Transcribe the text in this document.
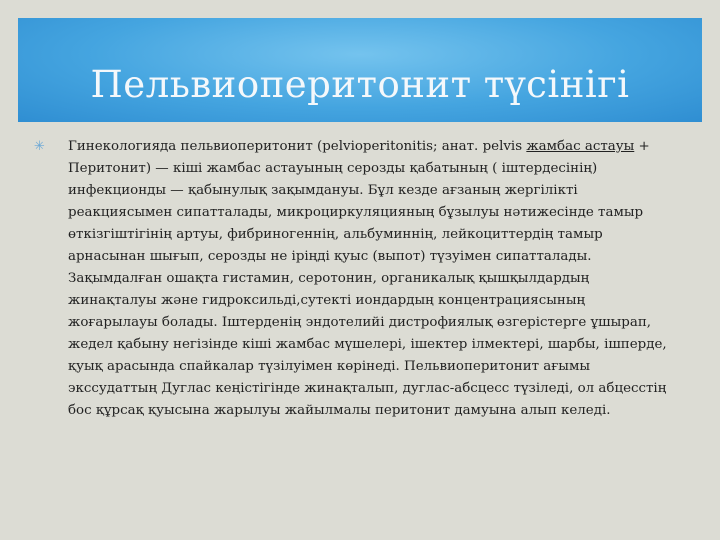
Пельвиоперитонит түсінігі
✳ Гинекологияда пельвиоперитонит (pelvioperitonitis; анат. pelvis жамбас астауы + Перитонит) — кіші жамбас астауының серозды қабатының ( іштердесінің) инфекционды — қабынулық зақымдануы. Бұл кезде ағзаның жергілікті реакциясымен сипатталады, микроциркуляцияның бұзылуы нәтижесінде тамыр өткізгіштігінің артуы, фибриногеннің, альбуминнің, лейкоциттердің тамыр арнасынан шығып, серозды не іріңді қуыс (выпот) түзуімен сипатталады. Зақымдалған ошақта гистамин, серотонин, органикалық қышқылдардың жинақталуы және гидроксильді,сутекті иондардың концентрациясының жоғарылауы болады. Іштерденің эндотелийі дистрофиялық өзгерістерге ұшырап, жедел қабыну негізінде кіші жамбас мүшелері, ішектер ілмектері, шарбы, ішперде, қуық арасында спайкалар түзілуімен көрінеді. Пельвиоперитонит ағымы экссудаттың Дуглас кеңістігінде жинақталып, дуглас-абсцесс түзіледі, ол абцесстің бос құрсақ қуысына жарылуы жайылмалы перитонит дамуына алып келеді.
